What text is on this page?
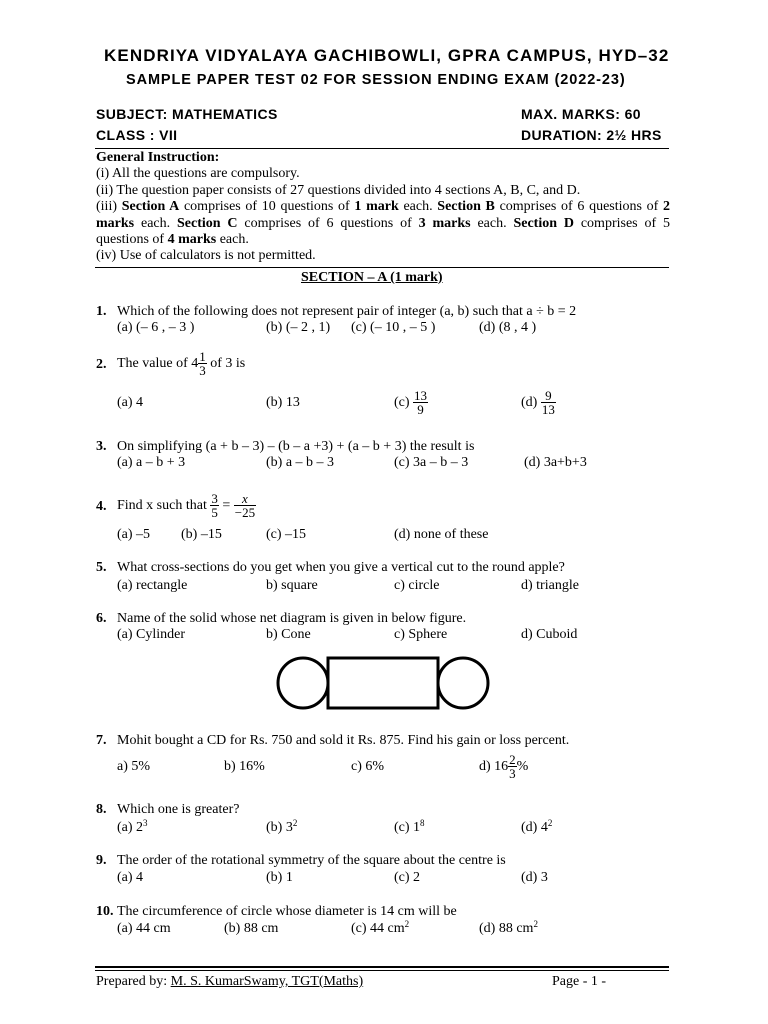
KENDRIYA VIDYALAYA GACHIBOWLI, GPRA CAMPUS, HYD–32
SAMPLE PAPER TEST 02 FOR SESSION ENDING EXAM (2022-23)
SUBJECT: MATHEMATICS	MAX. MARKS: 60
CLASS : VII	DURATION: 2½ HRS

General Instruction:

(i) All the questions are compulsory.

(ii) The question paper consists of 27 questions divided into 4 sections A, B, C, and D.

(iii) Section A comprises of 10 questions of 1 mark each. Section B comprises of 6 questions of 2 marks each. Section C comprises of 6 questions of 3 marks each. Section D comprises of 5 questions of 4 marks each.

(iv) Use of calculators is not permitted.

SECTION – A (1 mark)
1. Which of the following does not represent pair of integer (a, b) such that a ÷ b = 2
(a) (– 6 , – 3 )	(b) (– 2 , 1) (c) (– 10 , – 5 )	(d) (8 , 4 )
2. The value of $4 \frac{1}{3}$ of 3 is
(a) 4	(b) 13	$(c) \frac{13}{9}$	$(d) \frac{9}{13}$
3. On simplifying (a + b – 3) – (b – a +3) + (a – b + 3) the result is
(a) a – b + 3	(b) a – b – 3	(c) 3a – b – 3	(d) 3a+b+3
4. Find x such that $\frac{3}{5} = \frac{x}{-25}$
(a) –5 (b) –15	(c) –15	(d) none of these
5. What cross-sections do you get when you give a vertical cut to the round apple?
(a) rectangle	b) square	c) circle	d) triangle
6. Name of the solid whose net diagram is given in below figure.
(a) Cylinder	b) Cone	c) Sphere	d) Cuboid
7. Mohit bought a CD for Rs. 750 and sold it Rs. 875. Find his gain or loss percent.
a) 5%	b) 16%	c) 6%	d) $16 \frac{2}{3}$ %
8. Which one is greater?
(a) $2^3$	(b) $3^2$	(c) $1^8$	(d) $4^2$
9. The order of the rotational symmetry of the square about the centre is
(a) 4	(b) 1	(c) 2	(d) 3
10. The circumference of circle whose diameter is 14 cm will be
(a) 44 cm	(b) 88 cm	(c) 44 $cm^2$	(d) 88 $cm^2$
Prepared by: M. S. KumarSwamy, TGT(Maths)	Page - 1 -
